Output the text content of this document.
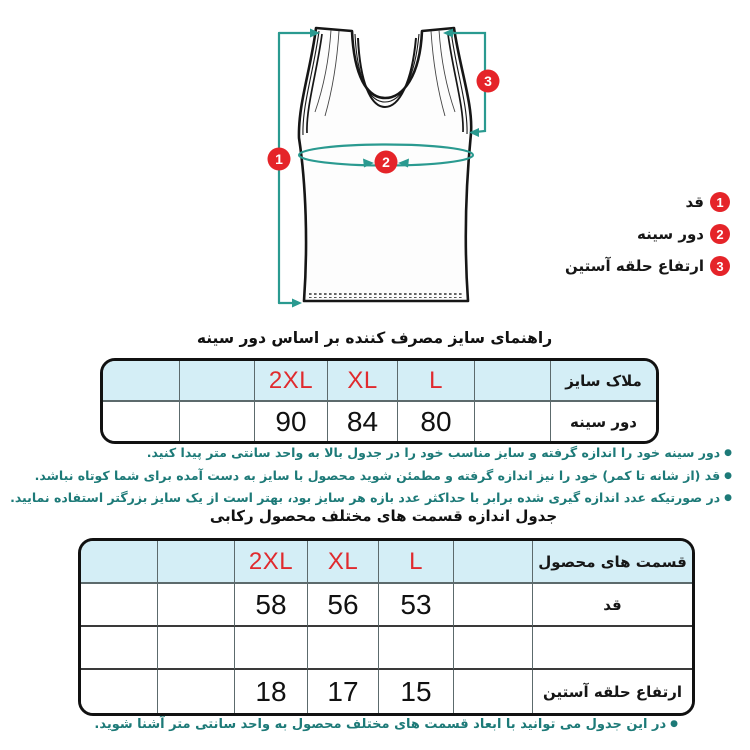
1	2
3
1
قد
2
دور سینه
3
ارتفاع حلقه آستین
راهنمای سایز مصرف کننده بر اساس دور سینه
2XL	XL	L	ملاک سایز
90	84	80	دور سینه
●دور سینه خود را اندازه گرفته و سایز مناسب خود را در جدول بالا به واحد سانتی متر پیدا کنید.
●قد (از شانه تا کمر) خود را نیز اندازه گرفته و مطمئن شوید محصول با سایز به دست آمده برای شما کوتاه نباشد.
●در صورتیکه عدد اندازه گیری شده برابر با حداکثر عدد بازه هر سایز بود، بهتر است از یک سایز بزرگتر استفاده نمایید.
جدول اندازه قسمت های مختلف محصول رکابی
2XL	XL	L	قسمت های محصول
58	56	53	قد
18	17	15	ارتفاع حلقه آستین
●در این جدول می توانید با ابعاد قسمت های مختلف محصول به واحد سانتی متر آشنا شوید.
